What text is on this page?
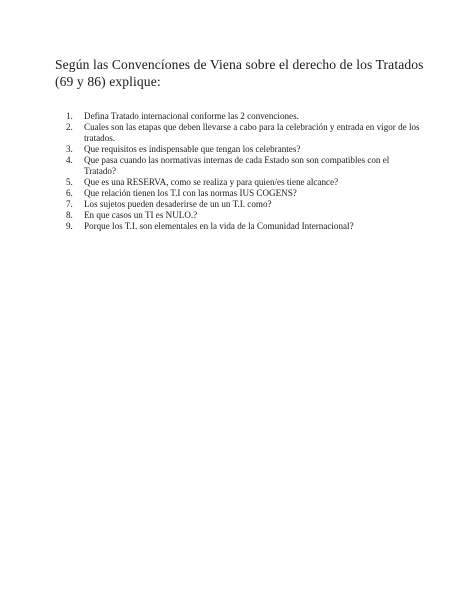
Según las Convencíones de Viena sobre el derecho de los Tratados (69 y 86) explique:
1.	Defina Tratado internacional conforme las 2 convenciones.
2.	Cuales son las etapas que deben llevarse a cabo para la celebración y entrada en vigor de los tratados.
3.	Que requisitos es indispensable que tengan los celebrantes?
4.	Que pasa cuando las normativas internas de cada Estado son son compatibles con el Tratado?
5.	Que es una RESERVA, como se realiza y para quien/es tiene alcance?
6.	Que relación tienen los T.I con las normas IUS COGENS?
7.	Los sujetos pueden desaderirse de un un T.I. como?
8.	En que casos un TI es NULO.?
9.	Porque los T.I. son elementales en la vida de la Comunidad Internacional?
